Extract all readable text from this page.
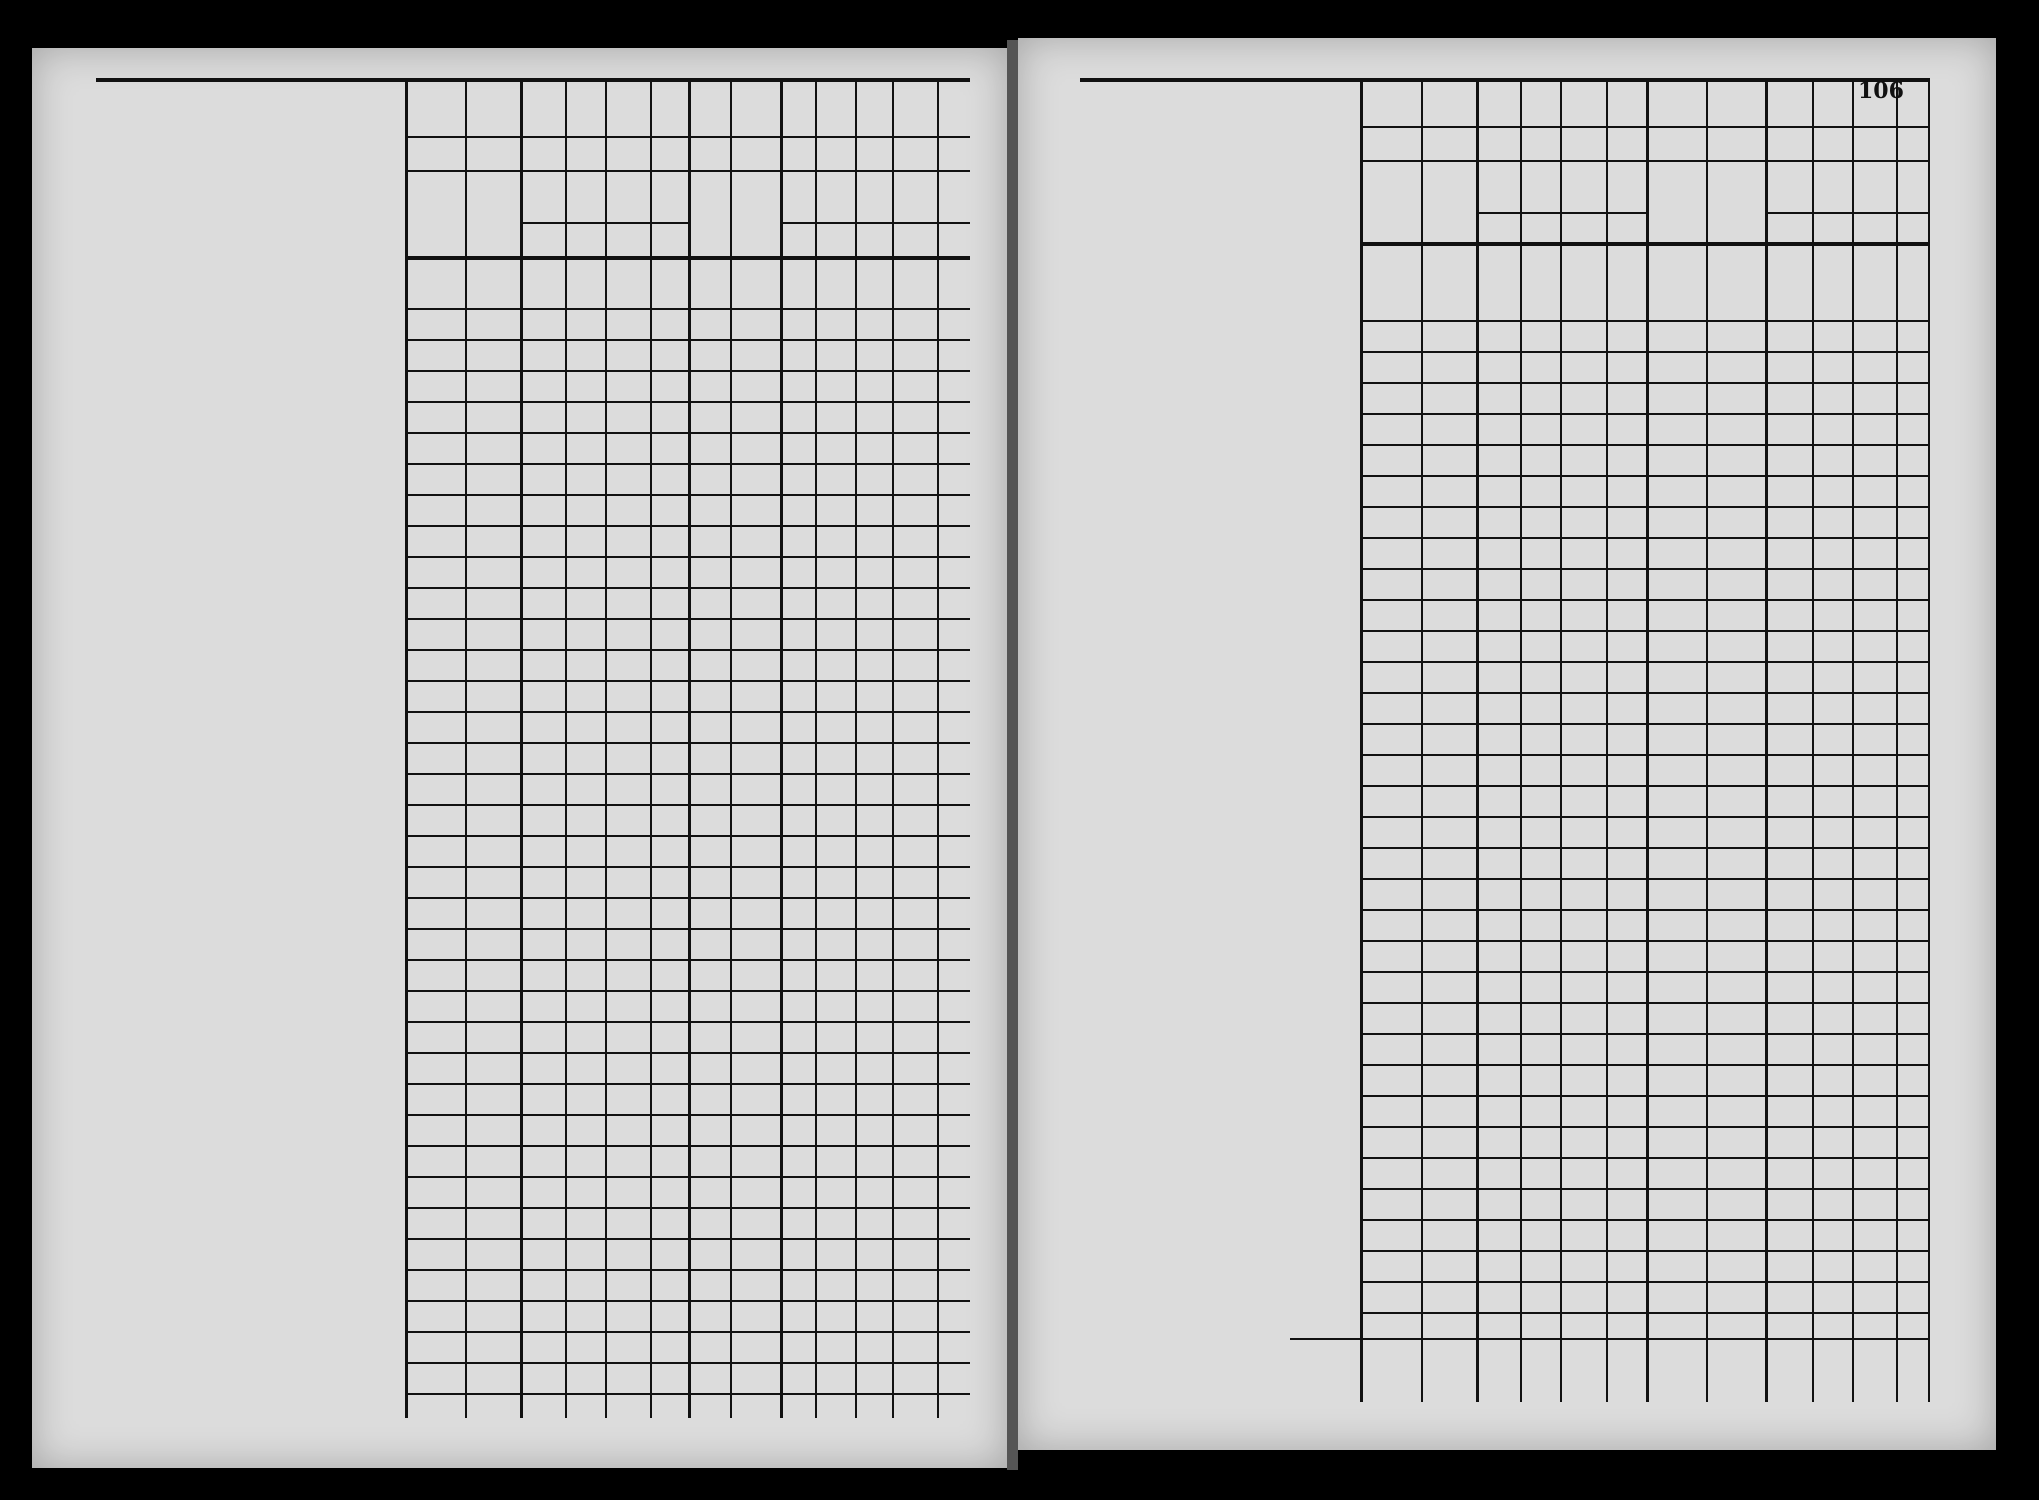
106
